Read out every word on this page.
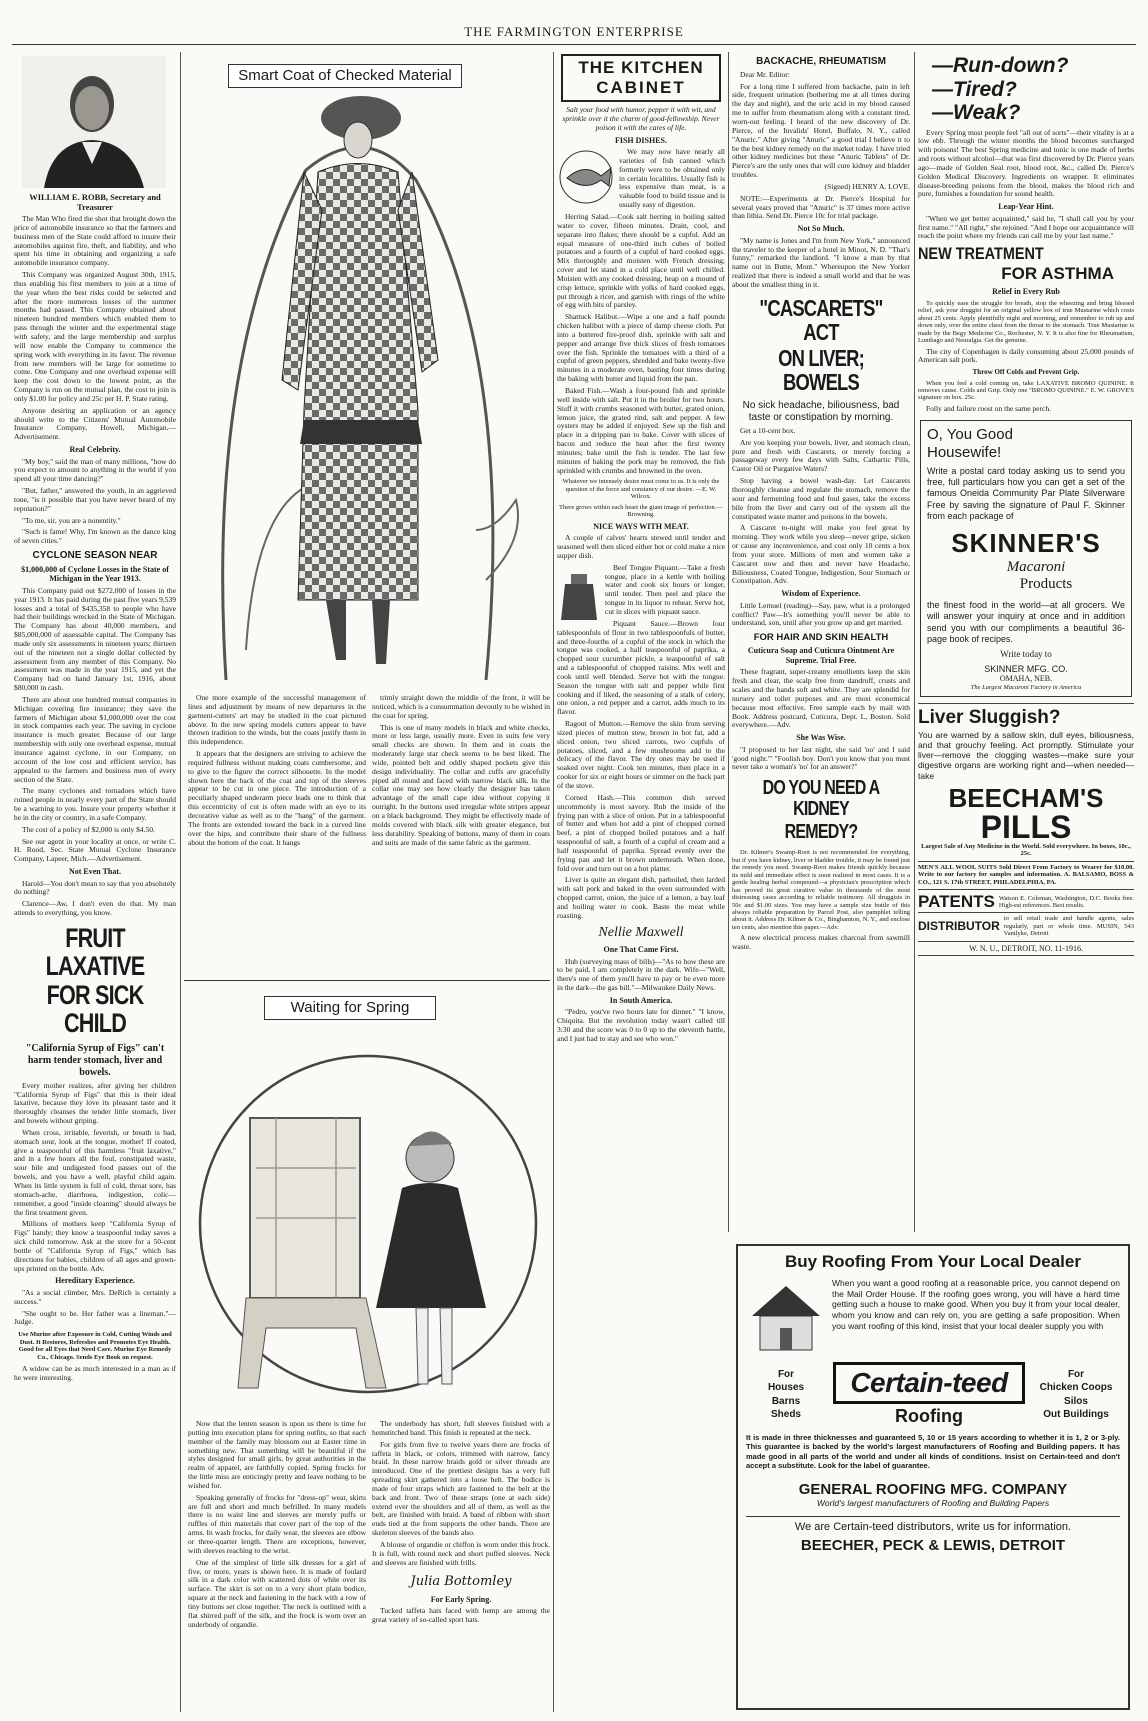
THE FARMINGTON ENTERPRISE
WILLIAM E. ROBB, Secretary and Treasurer

The Man Who fired the shot that brought down the price of automobile insurance so that the farmers and business men of the State could afford to insure their automobiles against fire, theft, and liability, and who spent his time in obtaining and organizing a safe automobile insurance company.

This Company was organized August 30th, 1915, thus enabling his first members to join at a time of the year when the best risks could be selected and after the more numerous losses of the summer months had passed. This Company obtained about nineteen hundred members which enabled them to pass through the winter and the experimental stage with safety, and the large membership and surplus will now enable the Company to commence the spring work with everything in its favor. The revenue from new members will be large for sometime to come. One Company and one overhead expense will keep the cost down to the lowest point, as the Company is run on the mutual plan, the cost to join is only $1.00 for policy and 25c per H. P. State rating.

Anyone desiring an application or an agency should write to the Citizens' Mutual Automobile Insurance Company, Howell, Michigan.—Advertisement.

Real Celebrity.

"My boy," said the man of many millions, "how do you expect to amount to anything in the world if you spend all your time dancing?"

"But, father," answered the youth, in an aggrieved tone, "is it possible that you have never heard of my reputation?"

"To me, sir, you are a nonentity."

"Such is fame! Why, I'm known as the dance king of seven cities."

CYCLONE SEASON NEAR
$1,000,000 of Cyclone Losses in the State of Michigan in the Year 1913.

This Company paid out $272,000 of losses in the year 1913. It has paid during the past five years 9,539 losses and a total of $435,358 to people who have had their buildings wrecked in the State of Michigan. The Company has about 40,000 members, and $85,000,000 of assessable capital. The Company has made only six assessments in nineteen years; thirteen out of the nineteen not a single dollar collected by assessment from any member of this Company. No assessment was made in the year 1915, and yet the Company had on hand January 1st, 1916, about $80,000 in cash.

There are about one hundred mutual companies in Michigan covering fire insurance; they save the farmers of Michigan about $1,000,000 over the cost in stock companies each year. The saving in cyclone insurance is much greater. Because of our large membership with only one overhead expense, mutual insurance against cyclone, in our Company, on account of the low cost and efficient service, has appealed to the farmers and business men of every section of the State.

The many cyclones and tornadoes which have ruined people in nearly every part of the State should be a warning to you. Insure your property whether it be in the city or country, in a safe Company.

The cost of a policy of $2,000 is only $4.50.

See our agent in your locality at once, or write C. H. Rood, Sec. State Mutual Cyclone Insurance Company, Lapeer, Mich.—Advertisement.

Not Even That.

Harold—You don't mean to say that you absolutely do nothing?

Clarence—Aw, I don't even do that. My man attends to everything, you know.

FRUIT LAXATIVE
FOR SICK CHILD
"California Syrup of Figs" can't harm tender stomach, liver and bowels.

Every mother realizes, after giving her children "California Syrup of Figs" that this is their ideal laxative, because they love its pleasant taste and it thoroughly cleanses the tender little stomach, liver and bowels without griping.

When cross, irritable, feverish, or breath is bad, stomach sour, look at the tongue, mother! If coated, give a teaspoonful of this harmless "fruit laxative," and in a few hours all the foul, constipated waste, sour bile and undigested food passes out of the bowels, and you have a well, playful child again. When its little system is full of cold, throat sore, has stomach-ache, diarrhoea, indigestion, colic—remember, a good "inside cleaning" should always be the first treatment given.

Millions of mothers keep "California Syrup of Figs" handy; they know a teaspoonful today saves a sick child tomorrow. Ask at the store for a 50-cent bottle of "California Syrup of Figs," which has directions for babies, children of all ages and grown-ups printed on the bottle. Adv.

Hereditary Experience.

"As a social climber, Mrs. DeRich is certainly a success."

"She ought to be. Her father was a lineman."—Judge.

Use Murine after Exposure in Cold, Cutting Winds and Dust. It Restores, Refreshes and Promotes Eye Health. Good for all Eyes that Need Care. Murine Eye Remedy Co., Chicago. Sends Eye Book on request.

A widow can be as much interested in a man as if he were interesting.

Smart Coat of Checked Material

One more example of the successful management of lines and adjustment by means of new departures in the garment-cutters' art may be studied in the coat pictured above. In the new spring models cutters appear to have thrown tradition to the winds, but the coats justify them in this independence.

It appears that the designers are striving to achieve the required fullness without making coats cumbersome, and to give to the figure the correct silhouette. In the model shown here the back of the coat and top of the sleeves appear to be cut in one piece. The introduction of a peculiarly shaped underarm piece leads one to think that this eccentricity of cut is often made with an eye to its decorative value as well as to the "hang" of the garment. The fronts are extended toward the back in a curved line over the hips, and contribute their share of the fullness about the bottom of the coat. It hangs

trimly straight down the middle of the front, it will be noticed, which is a consummation devoutly to be wished in the coat for spring.

This is one of many models in black and white checks, more or less large, usually more. Even in suits few very small checks are shown. In them and in coats the moderately large star check seems to be best liked. The wide, pointed belt and oddly shaped pockets give this design individuality. The collar and cuffs are gracefully piped all round and faced with narrow black silk. In the collar one may see how clearly the designer has taken advantage of the small cape idea without copying it outright. In the buttons used irregular white stripes appear on a black background. They might be effectively made of molds covered with black silk with greater elegance, but less durability. Speaking of buttons, many of them in coats and suits are made of the same fabric as the garment.

Waiting for Spring

Now that the lenten season is upon us there is time for putting into execution plans for spring outfits, so that each member of the family may blossom out at Easter time in something new. That something will be beautiful if the styles designed for small girls, by great authorities in the realm of apparel, are faithfully copied. Spring frocks for the little miss are enticingly pretty and leave nothing to be wished for.

Speaking generally of frocks for "dress-up" wear, skirts are full and short and much befrilled. In many models there is no waist line and sleeves are merely puffs or ruffles of thin materials that cover part of the top of the arms. In wash frocks, for daily wear, the sleeves are elbow or three-quarter length. There are exceptions, however, with sleeves reaching to the wrist.

One of the simplest of little silk dresses for a girl of five, or more, years is shown here. It is made of foulard silk in a dark color with scattered dots of white over its surface. The skirt is set on to a very short plain bodice, square at the neck and fastening in the back with a row of tiny buttons set close together. The neck is outlined with a flat shirred puff of the silk, and the frock is worn over an underbody of organdie.

The underbody has short, full sleeves finished with a hemstitched band. This finish is repeated at the neck.

For girls from five to twelve years there are frocks of taffeta in black, or colors, trimmed with narrow, fancy braid. In these narrow braids gold or silver threads are introduced. One of the prettiest designs has a very full spreading skirt gathered into a loose belt. The bodice is made of four straps which are fastened to the belt at the back and front. Two of these straps (one at each side) extend over the shoulders and all of them, as well as the belt, are finished with braid. A band of ribbon with short ends tied at the front supports the other bands. There are skeleton sleeves of the bands also.

A blouse of organdie or chiffon is worn under this frock. It is full, with round neck and short puffed sleeves. Neck and sleeves are finished with frills.

Julia Bottomley
For Early Spring.

Tucked taffeta hats faced with hemp are among the great variety of so-called sport hats.

THE KITCHEN
CABINET

Salt your food with humor, pepper it with wit, and sprinkle over it the charm of good-fellowship. Never poison it with the cares of life.

FISH DISHES.

We may now have nearly all varieties of fish canned which formerly were to be obtained only in certain localities. Usually fish is less expensive than meat, is a valuable food to build tissue and is usually easy of digestion.

Herring Salad.—Cook salt herring in boiling salted water to cover, fifteen minutes. Drain, cool, and separate into flakes; there should be a cupful. Add an equal measure of one-third inch cubes of boiled potatoes and a fourth of a cupful of hard cooked eggs. Mix thoroughly and moisten with French dressing; cover and let stand in a cold place until well chilled. Moisten with any cooked dressing, heap on a mound of crisp lettuce, sprinkle with yolks of hard cooked eggs, put through a ricer, and garnish with rings of the white of egg with bits of parsley.

Shattuck Halibut.—Wipe a one and a half pounds chicken halibut with a piece of damp cheese cloth. Put into a buttered fire-proof dish, sprinkle with salt and pepper and arrange five thick slices of fresh tomatoes over the fish. Sprinkle the tomatoes with a third of a cupful of green peppers, shredded and bake twenty-five minutes in a moderate oven, basting four times during the baking with butter and liquid from the pan.

Baked Fish.—Wash a four-pound fish and sprinkle well inside with salt. Put it in the broiler for two hours. Stuff it with crumbs seasoned with butter, grated onion, lemon juice, the grated rind, salt and pepper. A few oysters may be added if enjoyed. Sew up the fish and place in a dripping pan to bake. Cover with slices of bacon and reduce the heat after the first twenty minutes; bake until the fish is tender. The last few minutes of baking the pork may be removed, the fish sprinkled with crumbs and browned in the oven.

Whatever we intensely desire must come to us. It is only the question of the force and constancy of our desire. —E. W. Wilcox.

There grows within each heart the giant image of perfection.—Browning.

NICE WAYS WITH MEAT.

A couple of calves' hearts stewed until tender and seasoned well then sliced either hot or cold make a nice supper dish.

Beef Tongue Piquant.—Take a fresh tongue, place in a kettle with boiling water and cook six hours or longer, until tender. Then peel and place the tongue in its liquor to reheat. Serve hot, cut in slices with piquant sauce.

Piquant Sauce.—Brown four tablespoonfuls of flour in two tablespoonfuls of butter, and three-fourths of a cupful of the stock in which the tongue was cooked, a half teaspoonful of paprika, a chopped sour cucumber pickle, a teaspoonful of salt and a tablespoonful of chopped raisins. Mix well and cook until well blended. Serve hot with the tongue. Season the tongue with salt and pepper while first cooking and if liked, the seasoning of a stalk of celery, one onion, a red pepper and a carrot, adds much to its flavor.

Ragout of Mutton.—Remove the skin from serving sized pieces of mutton stew, brown in hot fat, add a sliced onion, two sliced carrots, two cupfuls of potatoes, sliced, and a few mushrooms add to the delicacy of the flavor. The dry ones may be used if soaked over night. Cook ten minutes, then place in a cooker for six or eight hours or simmer on the back part of the stove.

Corned Hash.—This common dish served uncommonly is most savory. Rub the inside of the frying pan with a slice of onion. Put in a tablespoonful of butter and when hot add a pint of chopped corned beef, a pint of chopped boiled potatoes and a half teaspoonful of salt, a fourth of a cupful of cream and a half teaspoonful of paprika. Spread evenly over the frying pan and let it brown underneath. When done, fold over and turn out on a hot platter.

Liver is quite an elegant dish, parboiled, then larded with salt pork and baked in the oven surrounded with chopped carrot, onion, the juice of a lemon, a bay leaf and boiling water to cook. Baste the meat while roasting.

Nellie Maxwell
One That Came First.

Hub (surveying mass of bills)—"As to how these are to be paid, I am completely in the dark. Wife—"Well, there's one of them you'll have to pay or be even more in the dark—the gas bill."—Milwaukee Daily News.

In South America.

"Pedro, you've two hours late for dinner." "I know, Chiquita. But the revolution today wasn't called till 3:30 and the score was 0 to 0 up to the eleventh battle, and I just had to stay and see who won."

BACKACHE, RHEUMATISM

Dear Mr. Editor:

For a long time I suffered from backache, pain in left side, frequent urination (bothering me at all times during the day and night), and the uric acid in my blood caused me to suffer from rheumatism along with a constant tired, worn-out feeling. I heard of the new discovery of Dr. Pierce, of the Invalids' Hotel, Buffalo, N. Y., called "Anuric." After giving "Anuric" a good trial I believe it to be the best kidney remedy on the market today. I have tried other kidney medicines but these "Anuric Tablets" of Dr. Pierce's are the only ones that will cure kidney and bladder troubles.

(Signed) HENRY A. LOVE.

NOTE:—Experiments at Dr. Pierce's Hospital for several years proved that "Anuric" is 37 times more active than lithia. Send Dr. Pierce 10c for trial package.

Not So Much.

"My name is Jones and I'm from New York," announced the traveler to the keeper of a hotel in Minot, N. D. "That's funny," remarked the landlord. "I know a man by that name out in Butte, Mont." Whereupon the New Yorker realized that there is indeed a small world and that he was about the smallest thing in it.

"CASCARETS" ACT
ON LIVER; BOWELS
No sick headache, biliousness, bad taste or constipation by morning.

Get a 10-cent box.

Are you keeping your bowels, liver, and stomach clean, pure and fresh with Cascarets, or merely forcing a passageway every few days with Salts, Cathartic Pills, Castor Oil or Purgative Waters?

Stop having a bowel wash-day. Let Cascarets thoroughly cleanse and regulate the stomach, remove the sour and fermenting food and foul gases, take the excess bile from the liver and carry out of the system all the constipated waste matter and poisons in the bowels.

A Cascaret to-night will make you feel great by morning. They work while you sleep—never gripe, sicken or cause any inconvenience, and cost only 10 cents a box from your store. Millions of men and women take a Cascaret now and then and never have Headache, Biliousness, Coated Tongue, Indigestion, Sour Stomach or Constipation. Adv.

Wisdom of Experience.

Little Lemuel (reading)—Say, paw, what is a prolonged conflict? Paw—It's something you'll never be able to understand, son, until after you grow up and get married.

FOR HAIR AND SKIN HEALTH
Cuticura Soap and Cuticura Ointment Are Supreme. Trial Free.

These fragrant, super-creamy emollients keep the skin fresh and clear, the scalp free from dandruff, crusts and scales and the hands soft and white. They are splendid for nursery and toilet purposes and are most economical because most effective. Free sample each by mail with Book. Address postcard, Cuticura, Dept. L, Boston. Sold everywhere.—Adv.

She Was Wise.

"I proposed to her last night, she said 'no' and I said 'good night.'" "Foolish boy. Don't you know that you must never take a woman's 'no' for an answer?"

DO YOU NEED A KIDNEY
REMEDY?

Dr. Kilmer's Swamp-Root is not recommended for everything, but if you have kidney, liver or bladder trouble, it may be found just the remedy you need. Swamp-Root makes friends quickly because its mild and immediate effect is soon realized in most cases. It is a gentle healing herbal compound—a physician's prescription which has proved its great curative value in thousands of the most distressing cases according to reliable testimony. All druggists in 50c and $1.00 sizes. You may have a sample size bottle of this always reliable preparation by Parcel Post, also pamphlet telling about it. Address Dr. Kilmer & Co., Binghamton, N. Y., and enclose ten cents, also mention this paper.—Adv.

A new electrical process makes charcoal from sawmill waste.

—Run-down?
—Tired?
—Weak?

Every Spring most people feel "all out of sorts"—their vitality is at a low ebb. Through the winter months the blood becomes surcharged with poisons! The best Spring medicine and tonic is one made of herbs and roots without alcohol—that was first discovered by Dr. Pierce years ago—made of Golden Seal root, blood root, &c., called Dr. Pierce's Golden Medical Discovery. Ingredients on wrapper. It eliminates disease-breeding poisons from the blood, makes the blood rich and pure, furnishes a foundation for sound health.

Leap-Year Hint.

"When we get better acquainted," said he, "I shall call you by your first name." "All right," she rejoined. "And I hope our acquaintance will reach the point where my friends can call me by your last name."

NEW TREATMENT
FOR ASTHMA
Relief in Every Rub

To quickly ease the struggle for breath, stop the wheezing and bring blessed relief, ask your druggist for an original yellow box of true Mustarine which costs about 25 cents. Apply plentifully night and morning, and remember to rub up and down only, over the entire chest from the throat to the stomach. True Mustarine is made by the Begy Medicine Co., Rochester, N. Y. It is also fine for Rheumatism, Lumbago and Neuralgia. Get the genuine.

The city of Copenhagen is daily consuming about 25,000 pounds of American salt pork.

Throw Off Colds and Prevent Grip.

When you feel a cold coming on, take LAXATIVE BROMO QUININE. It removes cause. Colds and Grip. Only one "BROMO QUININE." E. W. GROVE'S signature on box. 25c.

Folly and failure roost on the same perch.

O, You Good
Housewife!
Write a postal card today asking us to send you free, full particulars how you can get a set of the famous Oneida Community Par Plate Silverware Free by saving the signature of Paul F. Skinner from each package of
SKINNER'S
Macaroni
Products
the finest food in the world—at all grocers. We will answer your inquiry at once and in addition send you with our compliments a beautiful 36-page book of recipes.
Write today to
SKINNER MFG. CO.
OMAHA, NEB.
The Largest Macaroni Factory in America
Liver Sluggish?
You are warned by a sallow skin, dull eyes, biliousness, and that grouchy feeling. Act promptly. Stimulate your liver—remove the clogging wastes—make sure your digestive organs are working right and—when needed—take
BEECHAM'S
PILLS
Largest Sale of Any Medicine in the World. Sold everywhere. In boxes, 10c., 25c.

MEN'S ALL WOOL SUITS Sold Direct From Factory to Wearer for $10.00. Write to our factory for samples and information. A. BALSAMO, BOSS & CO., 121 S. 17th STREET, PHILADELPHIA, PA.

PATENTS Watson E. Coleman, Washington, D.C. Books free. High-est references. Best results.
DISTRIBUTOR
to sell retail trade and handle agents, sales regularly, part or whole time. MUSIN, 543 Vanilyke, Detroit
W. N. U., DETROIT, NO. 11-1916.
Buy Roofing From Your Local Dealer
When you want a good roofing at a reasonable price, you cannot depend on the Mail Order House. If the roofing goes wrong, you will have a hard time getting such a house to make good. When you buy it from your local dealer, whom you know and can rely on, you are getting a safe proposition. When you want roofing of this kind, insist that your local dealer supply you with
For
Houses
Barns
Sheds
Certain-teed
Roofing
For
Chicken Coops
Silos
Out Buildings
It is made in three thicknesses and guaranteed 5, 10 or 15 years according to whether it is 1, 2 or 3-ply. This guarantee is backed by the world's largest manufacturers of Roofing and Building papers. It has made good in all parts of the world and under all kinds of conditions. Insist on Certain-teed and don't accept a substitute. Look for the label of guarantee.
GENERAL ROOFING MFG. COMPANY
World's largest manufacturers of Roofing and Building Papers
We are Certain-teed distributors, write us for information.
BEECHER, PECK & LEWIS, DETROIT
